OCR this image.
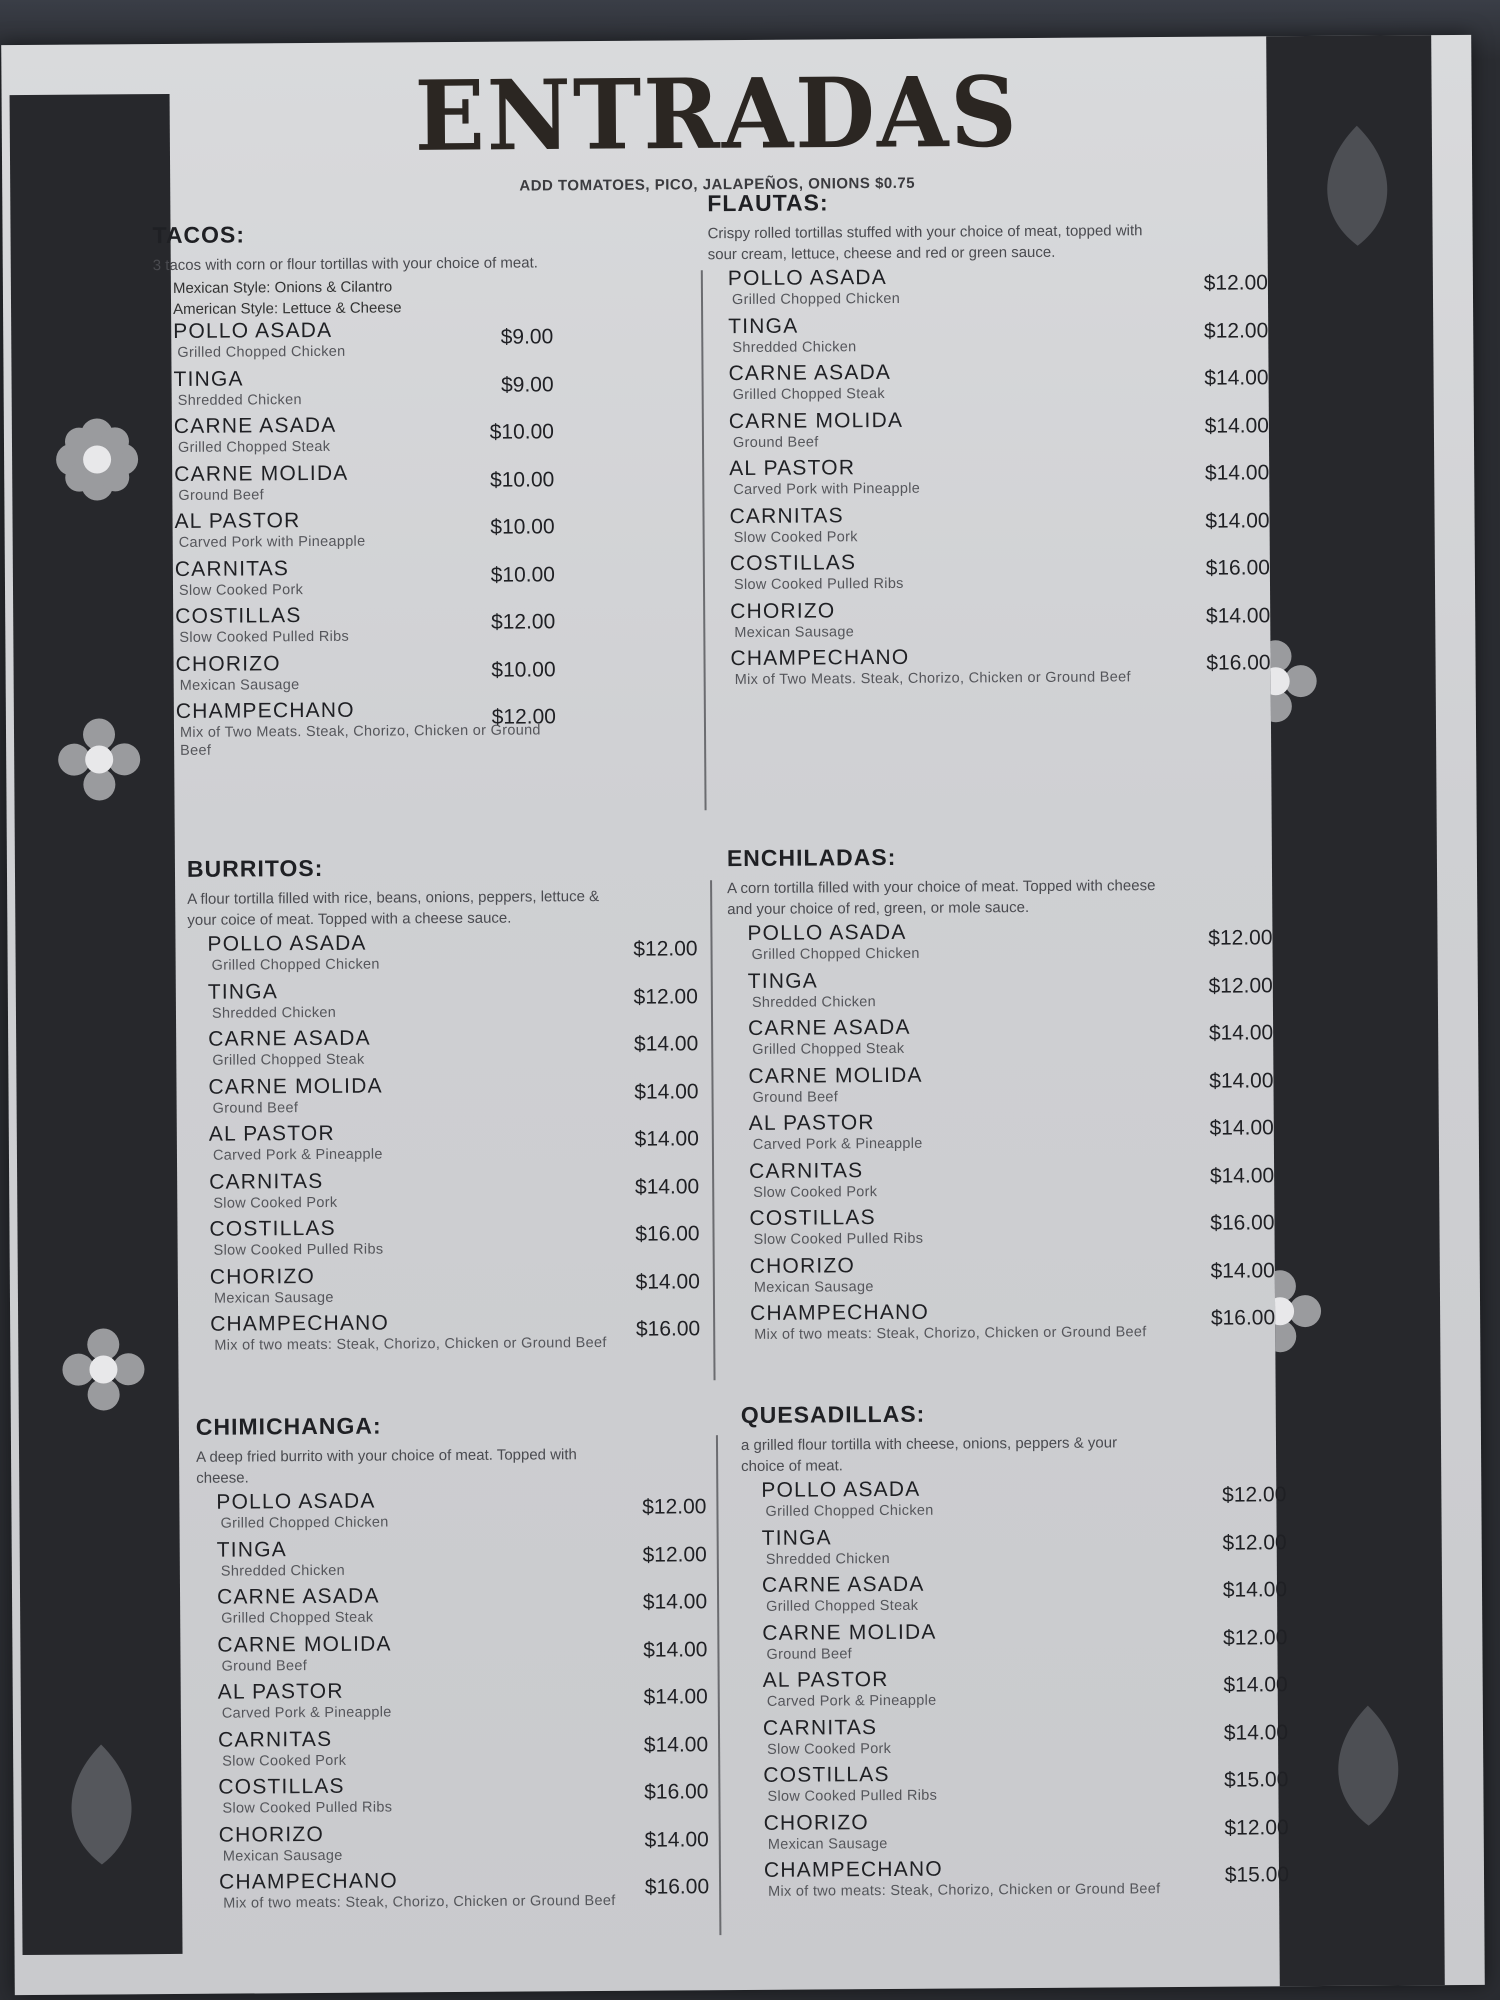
ENTRADAS
ADD TOMATOES, PICO, JALAPEÑOS, ONIONS $0.75
TACOS:
3 tacos with corn or flour tortillas with your choice of meat.
Mexican Style: Onions & Cilantro
American Style: Lettuce & Cheese
POLLO ASADA
Grilled Chopped Chicken
$9.00
TINGA
Shredded Chicken
$9.00
CARNE ASADA
Grilled Chopped Steak
$10.00
CARNE MOLIDA
Ground Beef
$10.00
AL PASTOR
Carved Pork with Pineapple
$10.00
CARNITAS
Slow Cooked Pork
$10.00
COSTILLAS
Slow Cooked Pulled Ribs
$12.00
CHORIZO
Mexican Sausage
$10.00
CHAMPECHANO
Mix of Two Meats. Steak, Chorizo, Chicken or Ground Beef
$12.00
FLAUTAS:
Crispy rolled tortillas stuffed with your choice of meat, topped with sour cream, lettuce, cheese and red or green sauce.
POLLO ASADA
Grilled Chopped Chicken
$12.00
TINGA
Shredded Chicken
$12.00
CARNE ASADA
Grilled Chopped Steak
$14.00
CARNE MOLIDA
Ground Beef
$14.00
AL PASTOR
Carved Pork with Pineapple
$14.00
CARNITAS
Slow Cooked Pork
$14.00
COSTILLAS
Slow Cooked Pulled Ribs
$16.00
CHORIZO
Mexican Sausage
$14.00
CHAMPECHANO
Mix of Two Meats. Steak, Chorizo, Chicken or Ground Beef
$16.00
BURRITOS:
A flour tortilla filled with rice, beans, onions, peppers, lettuce & your coice of meat. Topped with a cheese sauce.
POLLO ASADA
Grilled Chopped Chicken
$12.00
TINGA
Shredded Chicken
$12.00
CARNE ASADA
Grilled Chopped Steak
$14.00
CARNE MOLIDA
Ground Beef
$14.00
AL PASTOR
Carved Pork & Pineapple
$14.00
CARNITAS
Slow Cooked Pork
$14.00
COSTILLAS
Slow Cooked Pulled Ribs
$16.00
CHORIZO
Mexican Sausage
$14.00
CHAMPECHANO
Mix of two meats: Steak, Chorizo, Chicken or Ground Beef
$16.00
ENCHILADAS:
A corn tortilla filled with your choice of meat. Topped with cheese and your choice of red, green, or mole sauce.
POLLO ASADA
Grilled Chopped Chicken
$12.00
TINGA
Shredded Chicken
$12.00
CARNE ASADA
Grilled Chopped Steak
$14.00
CARNE MOLIDA
Ground Beef
$14.00
AL PASTOR
Carved Pork & Pineapple
$14.00
CARNITAS
Slow Cooked Pork
$14.00
COSTILLAS
Slow Cooked Pulled Ribs
$16.00
CHORIZO
Mexican Sausage
$14.00
CHAMPECHANO
Mix of two meats: Steak, Chorizo, Chicken or Ground Beef
$16.00
CHIMICHANGA:
A deep fried burrito with your choice of meat. Topped with cheese.
POLLO ASADA
Grilled Chopped Chicken
$12.00
TINGA
Shredded Chicken
$12.00
CARNE ASADA
Grilled Chopped Steak
$14.00
CARNE MOLIDA
Ground Beef
$14.00
AL PASTOR
Carved Pork & Pineapple
$14.00
CARNITAS
Slow Cooked Pork
$14.00
COSTILLAS
Slow Cooked Pulled Ribs
$16.00
CHORIZO
Mexican Sausage
$14.00
CHAMPECHANO
Mix of two meats: Steak, Chorizo, Chicken or Ground Beef
$16.00
QUESADILLAS:
a grilled flour tortilla with cheese, onions, peppers & your choice of meat.
POLLO ASADA
Grilled Chopped Chicken
$12.00
TINGA
Shredded Chicken
$12.00
CARNE ASADA
Grilled Chopped Steak
$14.00
CARNE MOLIDA
Ground Beef
$12.00
AL PASTOR
Carved Pork & Pineapple
$14.00
CARNITAS
Slow Cooked Pork
$14.00
COSTILLAS
Slow Cooked Pulled Ribs
$15.00
CHORIZO
Mexican Sausage
$12.00
CHAMPECHANO
Mix of two meats: Steak, Chorizo, Chicken or Ground Beef
$15.00
